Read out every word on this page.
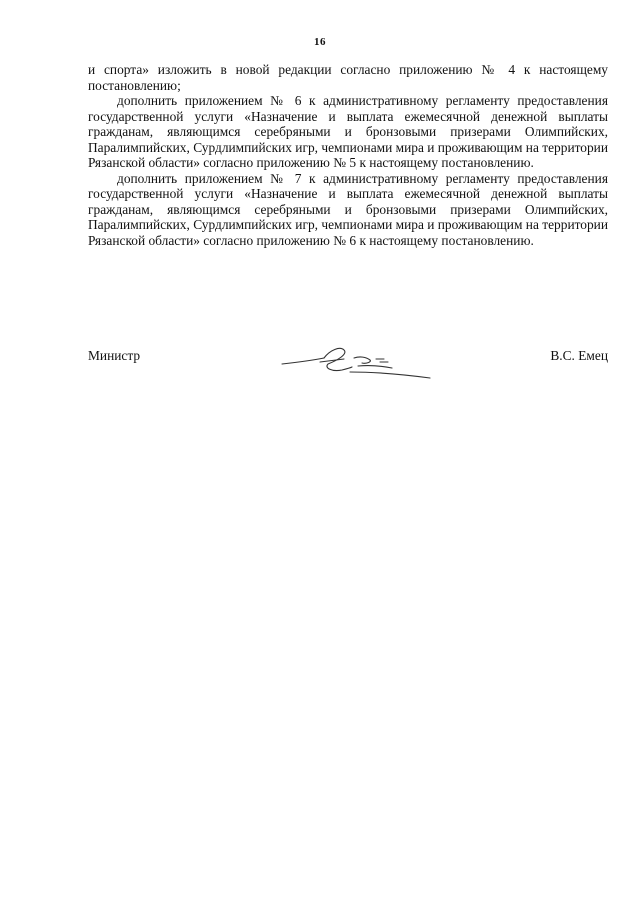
16

и спорта» изложить в новой редакции согласно приложению № 4 к настоящему постановлению;

дополнить приложением № 6 к административному регламенту предоставления государственной услуги «Назначение и выплата ежемесячной денежной выплаты гражданам, являющимся серебряными и бронзовыми призерами Олимпийских, Паралимпийских, Сурдлимпийских игр, чемпионами мира и проживающим на территории Рязанской области» согласно приложению № 5 к настоящему постановлению.

дополнить приложением № 7 к административному регламенту предоставления государственной услуги «Назначение и выплата ежемесячной денежной выплаты гражданам, являющимся серебряными и бронзовыми призерами Олимпийских, Паралимпийских, Сурдлимпийских игр, чемпионами мира и проживающим на территории Рязанской области» согласно приложению № 6 к настоящему постановлению.

Министр	В.С. Емец
